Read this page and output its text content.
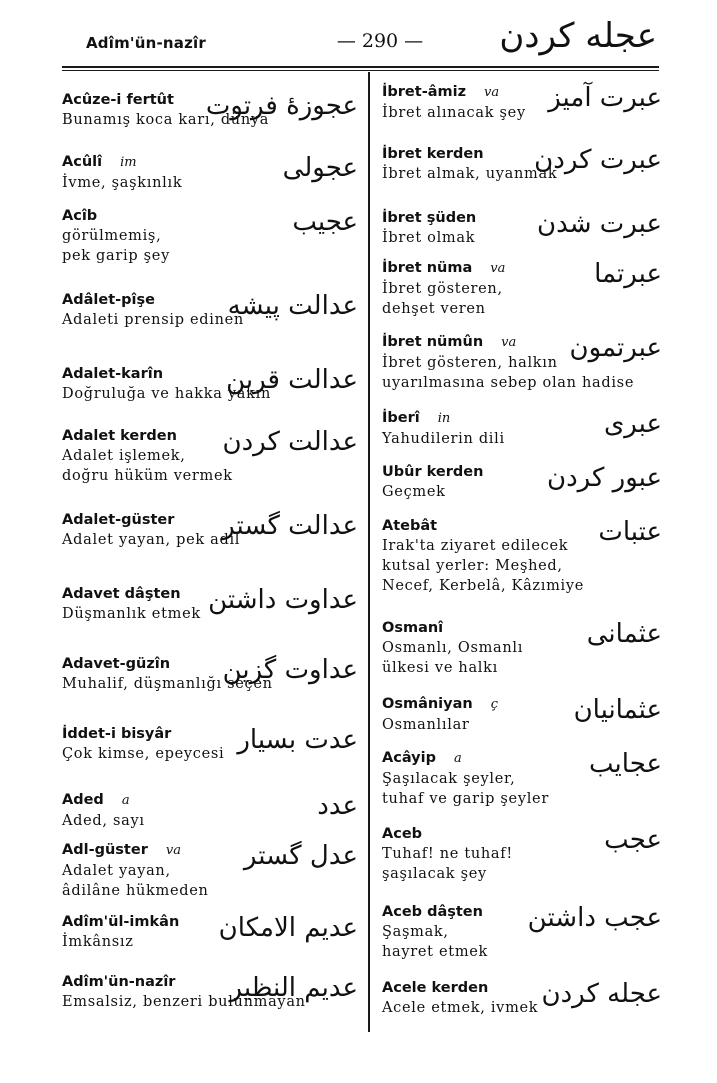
Adîm'ün-nazîr	— 290 — عجله كردن
Acûze-i fertût
Bunamış koca karı, dünya
عجوزۀ فرتوت
Acûlî im
İvme, şaşkınlık	عجولى
Acîb
görülmemiş,
pek garip şey
عجيب
Adâlet-pîşe
Adaleti prensip edinen
عدالت پيشه
Adalet-karîn
Doğruluğa ve hakka yakın
عدالت قرين
Adalet kerden
Adalet işlemek,
doğru hüküm vermek
عدالت كردن
Adalet-güster
Adalet yayan, pek adil
عدالت گستر
Adavet dâşten
Düşmanlık etmek عداوت داشتن
Adavet-güzîn
Muhalif, düşmanlığı seçen
عداوت گزين
İddet-i bisyâr
Çok kimse, epeycesi عدت بسيار
Aded a
Aded, sayı	عدد
Adl-güster va
Adalet yayan,
âdilâne hükmeden
عدل گستر
Adîm'ül-imkân
İmkânsız	عديم الامكان
Adîm'ün-nazîr
Emsalsiz, benzeri bulunmayan
عديم النظير
İbret-âmiz va
İbret alınacak şey عبرت آميز
İbret kerden
İbret almak, uyanmak
عبرت كردن
İbret şüden
İbret olmak	عبرت شدن
İbret nüma va
İbret gösteren,
dehşet veren
عبرتما
İbret nümûn va
İbret gösteren, halkın
uyarılmasına sebep olan hadise
عبرتمون
İberî in
Yahudilerin dili	عبرى
Ubûr kerden
Geçmek	عبور كردن
Atebât
Irak'ta ziyaret edilecek
kutsal yerler: Meşhed,
Necef, Kerbelâ, Kâzımiye
عتبات
Osmanî
Osmanlı, Osmanlı
ülkesi ve halkı
عثمانى
Osmâniyan ç
Osmanlılar	عثمانيان
Acâyip a
Şaşılacak şeyler,
tuhaf ve garip şeyler
عجايب
Aceb
Tuhaf! ne tuhaf!
şaşılacak şey
عجب
Aceb dâşten
Şaşmak,
hayret etmek
عجب داشتن
Acele kerden
Acele etmek, ivmek عجله كردن
